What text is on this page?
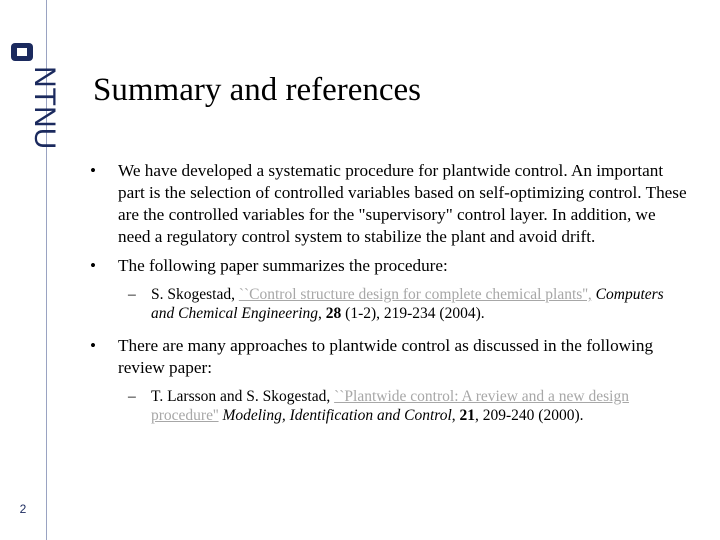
NTNU
2
Summary and references
• We have developed a systematic procedure for plantwide control. An important part is the selection of controlled variables based on self-optimizing control. These are the controlled variables for the "supervisory" control layer. In addition, we need a regulatory control system to stabilize the plant and avoid drift.
• The following paper summarizes the procedure:
– S. Skogestad, ``Control structure design for complete chemical plants'', Computers and Chemical Engineering, 28 (1-2), 219-234 (2004).
• There are many approaches to plantwide control as discussed in the following review paper:
– T. Larsson and S. Skogestad, ``Plantwide control: A review and a new design procedure'' Modeling, Identification and Control, 21, 209-240 (2000).
